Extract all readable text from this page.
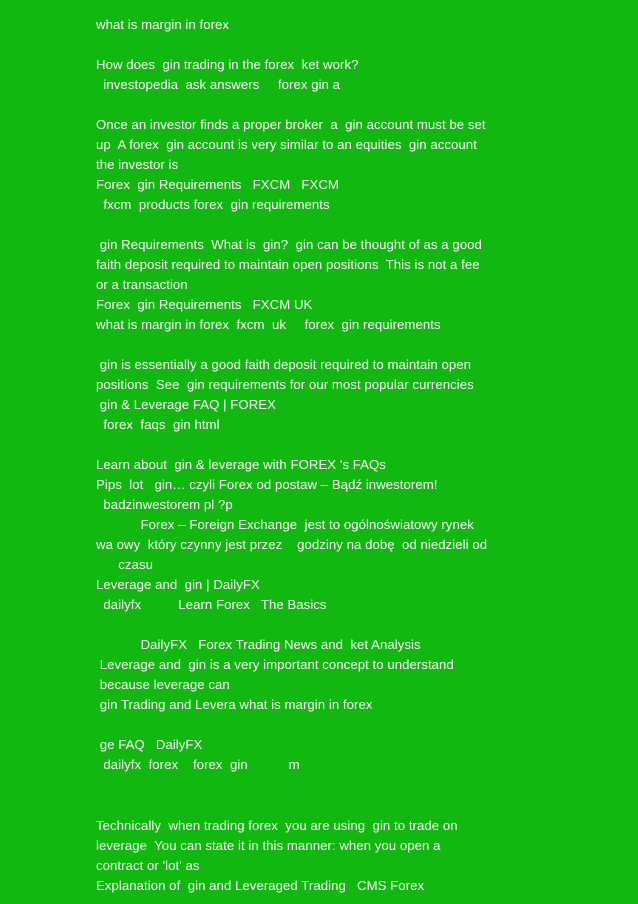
what is margin in forex
How does  gin trading in the forex  ket work?
investopedia  ask answers     forex gin a
Once an investor finds a proper broker  a  gin account must be set
up  A forex  gin account is very similar to an equities  gin account
the investor is
Forex  gin Requirements   FXCM   FXCM
fxcm  products forex  gin requirements
gin Requirements  What is  gin?  gin can be thought of as a good
faith deposit required to maintain open positions  This is not a fee
or a transaction
Forex  gin Requirements   FXCM UK
what is margin in forex  fxcm  uk     forex  gin requirements
gin is essentially a good faith deposit required to maintain open
positions  See  gin requirements for our most popular currencies
gin & Leverage FAQ | FOREX
forex  faqs  gin html
Learn about  gin & leverage with FOREX 's FAQs
Pips  lot   gin… czyli Forex od postaw – Bądź inwestorem!
badzinwestorem pl ?p
Forex – Foreign Exchange  jest to ogólnoświatowy rynek
wa owy  który czynny jest przez    godziny na dobę  od niedzieli od
czasu
Leverage and  gin | DailyFX
dailyfx          Learn Forex   The Basics
DailyFX   Forex Trading News and  ket Analysis
Leverage and  gin is a very important concept to understand
because leverage can
gin Trading and Levera what is margin in forex
ge FAQ   DailyFX
dailyfx  forex    forex  gin           m
Technically  when trading forex  you are using  gin to trade on
leverage  You can state it in this manner: when you open a
contract or 'lot' as
Explanation of  gin and Leveraged Trading   CMS Forex
